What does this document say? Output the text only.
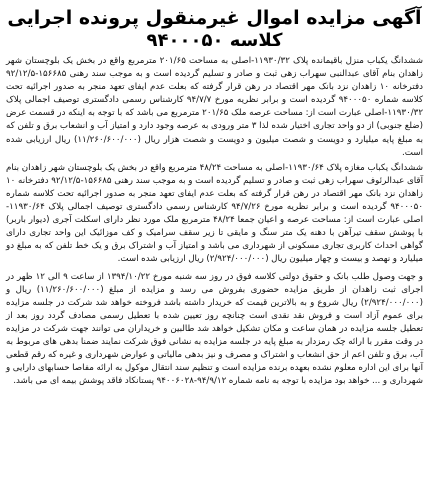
آگهی مزایده اموال غیرمنقول پرونده اجرایی
کلاسه ۹۴۰۰۰۵۰

ششدانگ یکباب منزل باقیمانده پلاک ۱۱۹۳۰/۳۲-اصلی به مساحت ۲۰۱/۶۵ مترمربع واقع در بخش یک بلوچستان شهر زاهدان بنام آقای عبدالنبی سهراب زهی ثبت و صادر و تسلیم گردیده است و به موجب سند رهنی ۱۵۶۶۸۵-۹۲/۱۲/۵ دفترخانه ۱۰ زاهدان نزد بانک مهر اقتصاد در رهن قرار گرفته که بعلت عدم ایفای تعهد منجر به صدور اجرائیه تحت کلاسه شماره ۹۴۰۰۰۵۰ گردیده است و برابر نظریه مورخ ۹۴/۷/۷ کارشناس رسمی دادگستری توصیف اجمالی پلاک ۱۱۹۳۰/۳۲-اصلی عبارت است از: مساحت عرصه ملک ۲۰۱/۶۵ مترمربع می باشد که با توجه به اینکه در قسمت عرض (ضلع جنوبی) از دو واحد تجاری اختیار شده لذا ۳ متر ورودی به عرصه وجود دارد و امتیاز آب و انشعاب برق و تلفن که به مبلغ پایه میلیارد و دویست و شصت میلیون و دویست و شصت هزار ریال (۱۱/۲۶۰/۶۰۰/۰۰۰) ریال ارزیابی شده است.

ششدانگ یکباب مغازه پلاک ۱۱۹۳۰/۶۴-اصلی به مساحت ۴۸/۲۴ مترمربع واقع در بخش یک بلوچستان شهر زاهدان بنام آقای عبدالرئوف سهراب زهی ثبت و صادر و تسلیم گردیده است و به موجب سند رهنی ۱۵۶۶۸۵-۹۲/۱۲/۵ دفترخانه ۱۰ زاهدان نزد بانک مهر اقتصاد در رهن قرار گرفته که بعلت عدم ایفای تعهد منجر به صدور اجرائیه تحت کلاسه شماره ۹۴۰۰۰۵۰ گردیده است و برابر نظریه مورخ ۹۴/۷/۲۶ کارشناس رسمی دادگستری توصیف اجمالی پلاک ۱۱۹۳۰/۶۴-اصلی عبارت است از: مساحت عرصه و اعیان جمعا ۴۸/۲۴ مترمربع ملک مورد نظر دارای اسکلت آجری (دیوار باربر) با پوشش سقف تیرآهن با دهنه یک متر سنگ و مایقی تا زیر سقف سرامیک و کف موزائیک این واحد تجاری دارای گواهی احداث کاربری تجاری مسکونی از شهرداری می باشد و امتیاز آب و اشتراک برق و یک خط تلفن که به مبلغ دو میلیارد و نهصد و بیست و چهار میلیون ریال (۲/۹۲۴/۰۰۰/۰۰۰) ریال ارزیابی شده است.

و جهت وصول طلب بانک و حقوق دولتی کلاسه فوق در روز سه شنبه مورخ ۱۳۹۴/۱۰/۲۲ از ساعت ۹ الی ۱۲ ظهر در اجرای ثبت زاهدان از طریق مزایده حضوری بفروش می رسد و مزایده از مبلغ (۱۱/۲۶۰/۶۰۰/۰۰۰) ریال و (۲/۹۲۴/۰۰۰/۰۰۰) ریال شروع و به بالاترین قیمت که خریدار داشته باشد فروخته خواهد شد شرکت در جلسه مزایده برای عموم آزاد است و فروش نقد نقدی است چنانچه روز تعیین شده با تعطیل رسمی مصادف گردد روز بعد از تعطیل جلسه مزایده در همان ساعت و مکان تشکیل خواهد شد طالبین و خریداران می توانند جهت شرکت در مزایده در وقت مقرر با ارائه چک رمزدار به مبلغ پایه در جلسه مزایده به نشانی فوق شرکت نمایند ضمنا بدهی های مربوط به آب، برق و تلفن اعم از حق انشعاب و اشتراک و مصرف و نیز بدهی مالیاتی و عوارض شهرداری و غیره که رقم قطعی آنها برای این اداره معلوم نشده بعهده برنده مزایده است و تنظیم سند انتقال موکول به ارائه مفاصا حسابهای دارایی و شهرداری و ... خواهد بود مزایده با توجه به نامه شماره ۹۴/۹/۱۲-۹۴۰۰۶۰۲۸ پستانکاد فاقد پوشش بیمه ای می باشد.
